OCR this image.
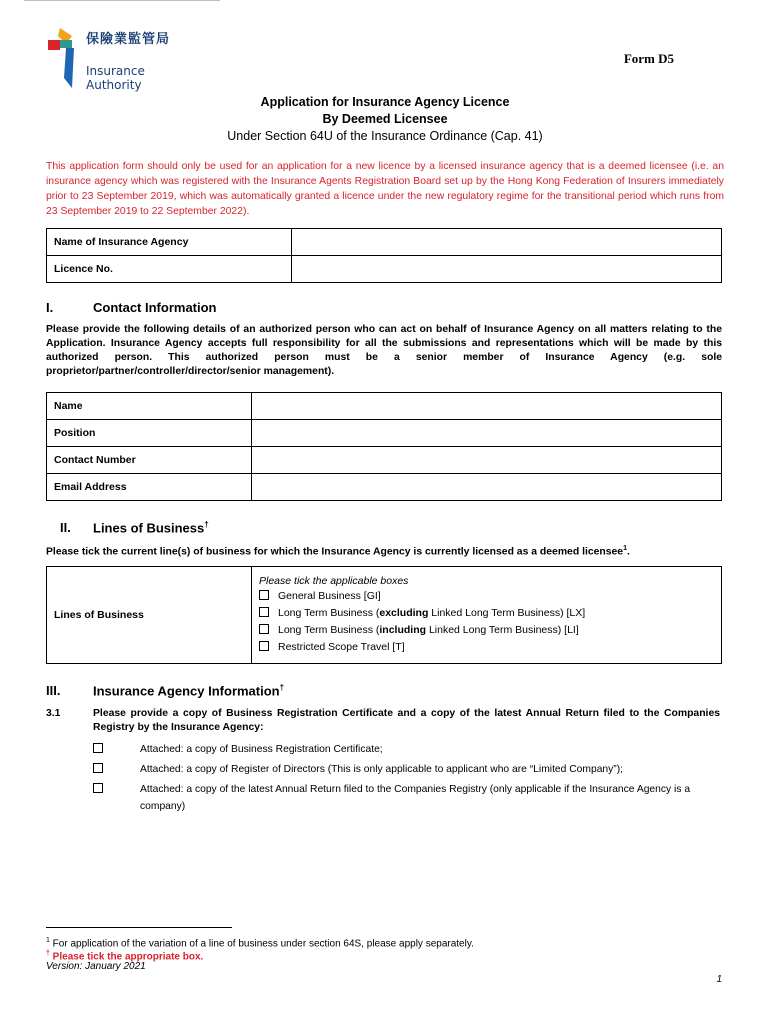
保險業監管局
Insurance Authority
Form D5
Application for Insurance Agency Licence
By Deemed Licensee
Under Section 64U of the Insurance Ordinance (Cap. 41)
This application form should only be used for an application for a new licence by a licensed insurance agency that is a deemed licensee (i.e. an insurance agency which was registered with the Insurance Agents Registration Board set up by the Hong Kong Federation of Insurers immediately prior to 23 September 2019, which was automatically granted a licence under the new regulatory regime for the transitional period which runs from 23 September 2019 to 22 September 2022).
Name of Insurance Agency	
Licence No.	
I.	Contact Information
Please provide the following details of an authorized person who can act on behalf of Insurance Agency on all matters relating to the Application. Insurance Agency accepts full responsibility for all the submissions and representations which will be made by this authorized person. This authorized person must be a senior member of Insurance Agency (e.g. sole proprietor/partner/controller/director/senior management).
Name	
Position	
Contact Number	
Email Address	
II. Lines of Business†
Please tick the current line(s) of business for which the Insurance Agency is currently licensed as a deemed licensee$^1$.
Lines of Business	
Please tick the applicable boxes
General Business [GI]
Long Term Business (excluding Linked Long Term Business) [LX]
Long Term Business (including Linked Long Term Business) [LI]
Restricted Scope Travel [T]
III.	Insurance Agency Information†
3.1	Please provide a copy of Business Registration Certificate and a copy of the latest Annual Return filed to the Companies Registry by the Insurance Agency:
Attached: a copy of Business Registration Certificate;
Attached: a copy of Register of Directors (This is only applicable to applicant who are “Limited Company”);
Attached: a copy of the latest Annual Return filed to the Companies Registry (only applicable if the Insurance Agency is a company)
$^1$ For application of the variation of a line of business under section 64S, please apply separately.
† Please tick the appropriate box.
Version: January 2021
1
